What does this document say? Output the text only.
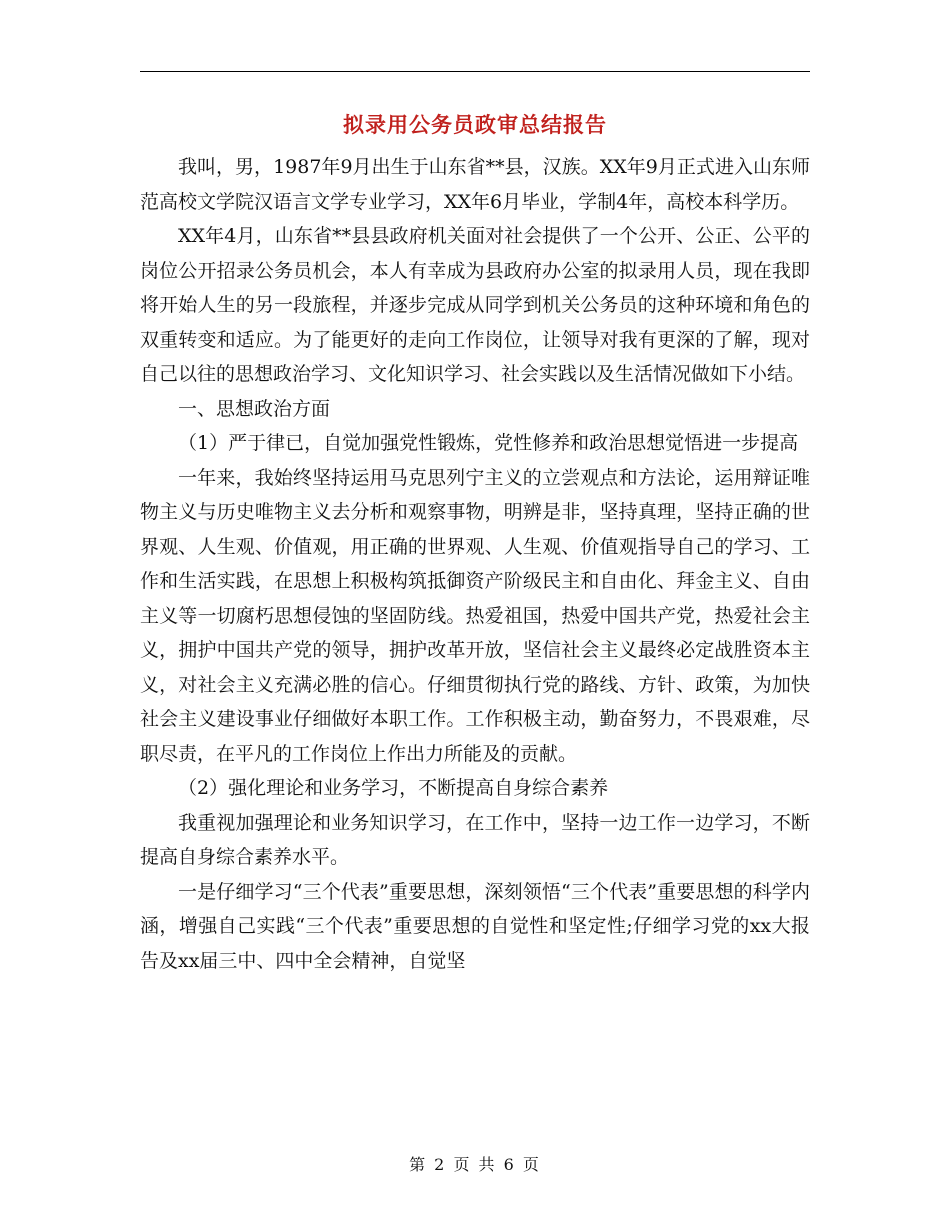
拟录用公务员政审总结报告

我叫，男，1987年9月出生于山东省**县，汉族。XX年9月正式进入山东师范高校文学院汉语言文学专业学习，XX年6月毕业，学制4年，高校本科学历。

XX年4月，山东省**县县政府机关面对社会提供了一个公开、公正、公平的岗位公开招录公务员机会，本人有幸成为县政府办公室的拟录用人员，现在我即将开始人生的另一段旅程，并逐步完成从同学到机关公务员的这种环境和角色的双重转变和适应。为了能更好的走向工作岗位，让领导对我有更深的了解，现对自己以往的思想政治学习、文化知识学习、社会实践以及生活情况做如下小结。

一、思想政治方面

（1）严于律已，自觉加强党性锻炼，党性修养和政治思想觉悟进一步提高

一年来，我始终坚持运用马克思列宁主义的立尝观点和方法论，运用辩证唯物主义与历史唯物主义去分析和观察事物，明辨是非，坚持真理，坚持正确的世界观、人生观、价值观，用正确的世界观、人生观、价值观指导自己的学习、工作和生活实践，在思想上积极构筑抵御资产阶级民主和自由化、拜金主义、自由主义等一切腐朽思想侵蚀的坚固防线。热爱祖国，热爱中国共产党，热爱社会主义，拥护中国共产党的领导，拥护改革开放，坚信社会主义最终必定战胜资本主义，对社会主义充满必胜的信心。仔细贯彻执行党的路线、方针、政策，为加快社会主义建设事业仔细做好本职工作。工作积极主动，勤奋努力，不畏艰难，尽职尽责，在平凡的工作岗位上作出力所能及的贡献。

（2）强化理论和业务学习，不断提高自身综合素养

我重视加强理论和业务知识学习，在工作中，坚持一边工作一边学习，不断提高自身综合素养水平。

一是仔细学习“三个代表”重要思想，深刻领悟“三个代表”重要思想的科学内涵，增强自己实践“三个代表”重要思想的自觉性和坚定性;仔细学习党的xx大报告及xx届三中、四中全会精神，自觉坚

第 2 页 共 6 页
